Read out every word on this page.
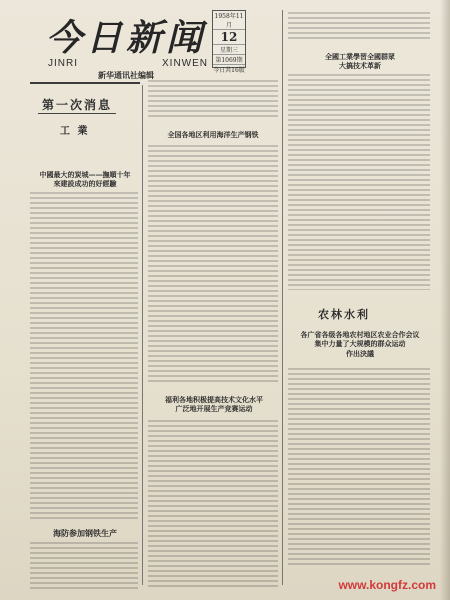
今日新闻
JINRI	XINWEN
新华通讯社编辑
1958年11月
12
星期三
第1069期
今日共16版
第一次消息
工 業
中國最大的炭城——撫順十年
來建設成功的好經驗
海防参加钢铁生产
全国各地区利用海洋生产钢铁
福利各地积极提高技术文化水平
广泛地开展生产竞赛运动
全國工業學習全國群眾
大搞技术革新
农林水利
各广省各级各地农村地区农业合作会议
集中力量了大规模的群众运动
作出決議
www.kongfz.com
